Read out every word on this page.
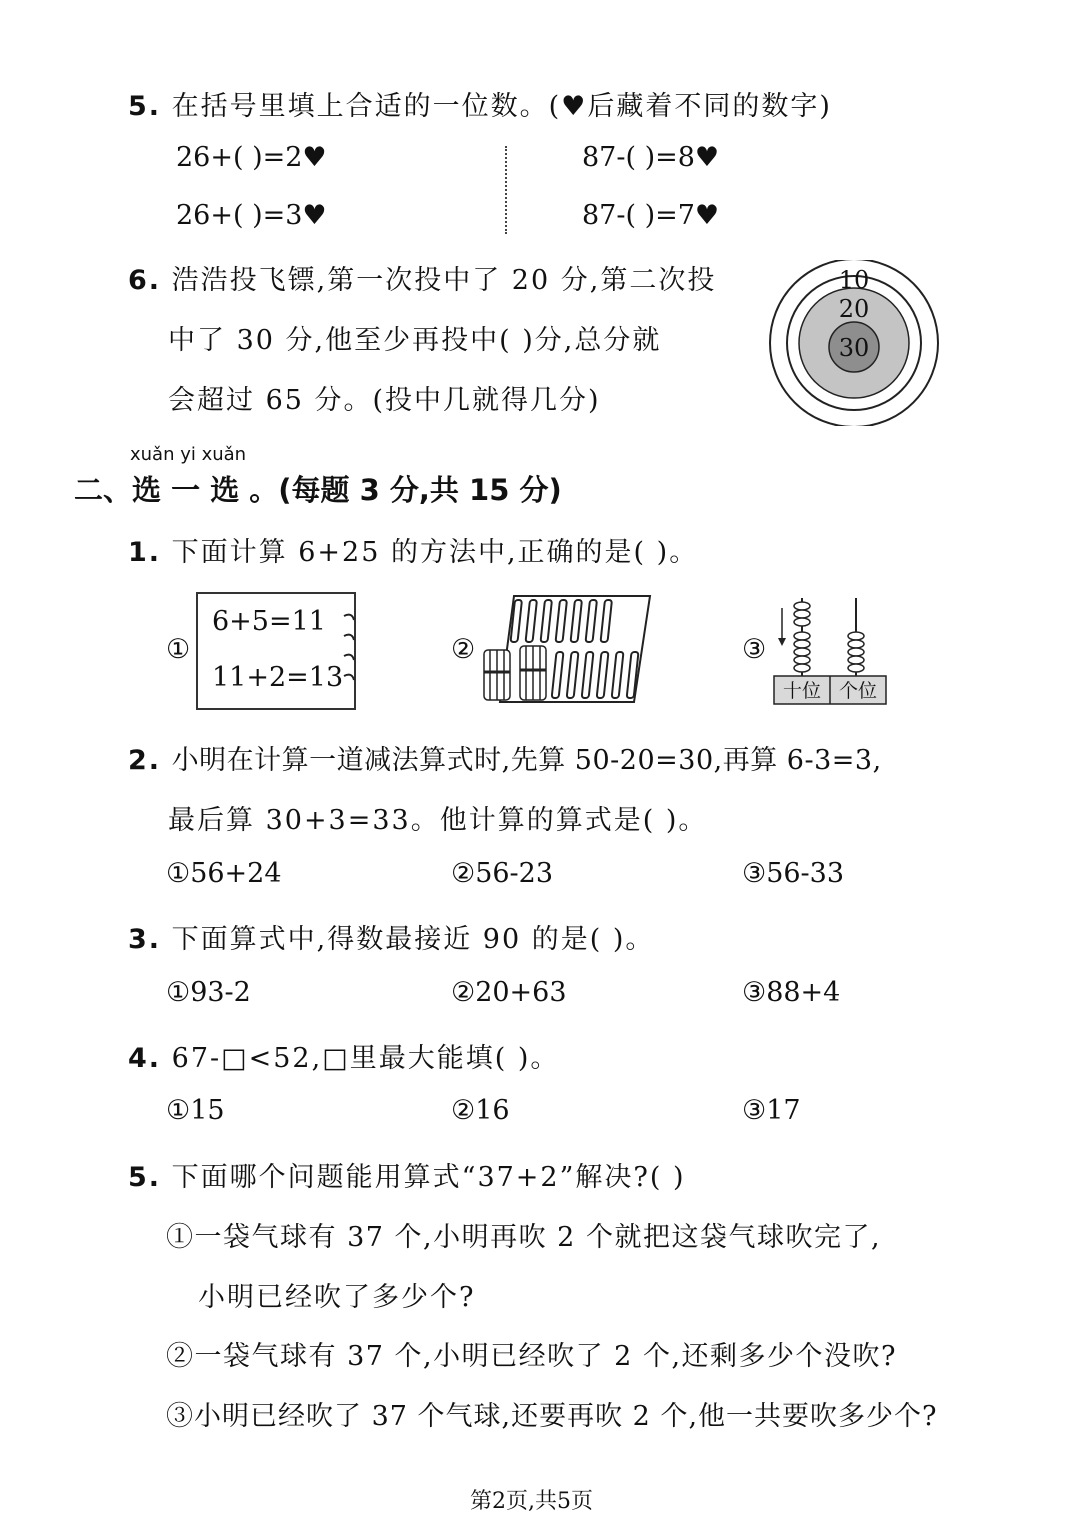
5. 在括号里填上合适的一位数。(♥后藏着不同的数字)
26+( )=2♥	87-( )=8♥
26+( )=3♥	87-( )=7♥
6. 浩浩投飞镖,第一次投中了 20 分,第二次投
中了 30 分,他至少再投中( )分,总分就
会超过 65 分。(投中几就得几分)
10
20
30
xuǎn yi xuǎn
二、选 一 选 。(每题 3 分,共 15 分)
1. 下面计算 6+25 的方法中,正确的是( )。
①
6+5=11
11+2=13
②	③
十位 个位
2. 小明在计算一道减法算式时,先算 50-20=30,再算 6-3=3,
最后算 30+3=33。他计算的算式是( )。
①56+24	②56-23	③56-33
3. 下面算式中,得数最接近 90 的是( )。
①93-2	②20+63	③88+4
4. 67-□<52,□里最大能填( )。
①15	②16	③17
5. 下面哪个问题能用算式“37+2”解决?( )
①一袋气球有 37 个,小明再吹 2 个就把这袋气球吹完了,
小明已经吹了多少个?
②一袋气球有 37 个,小明已经吹了 2 个,还剩多少个没吹?
③小明已经吹了 37 个气球,还要再吹 2 个,他一共要吹多少个?
第2页,共5页
